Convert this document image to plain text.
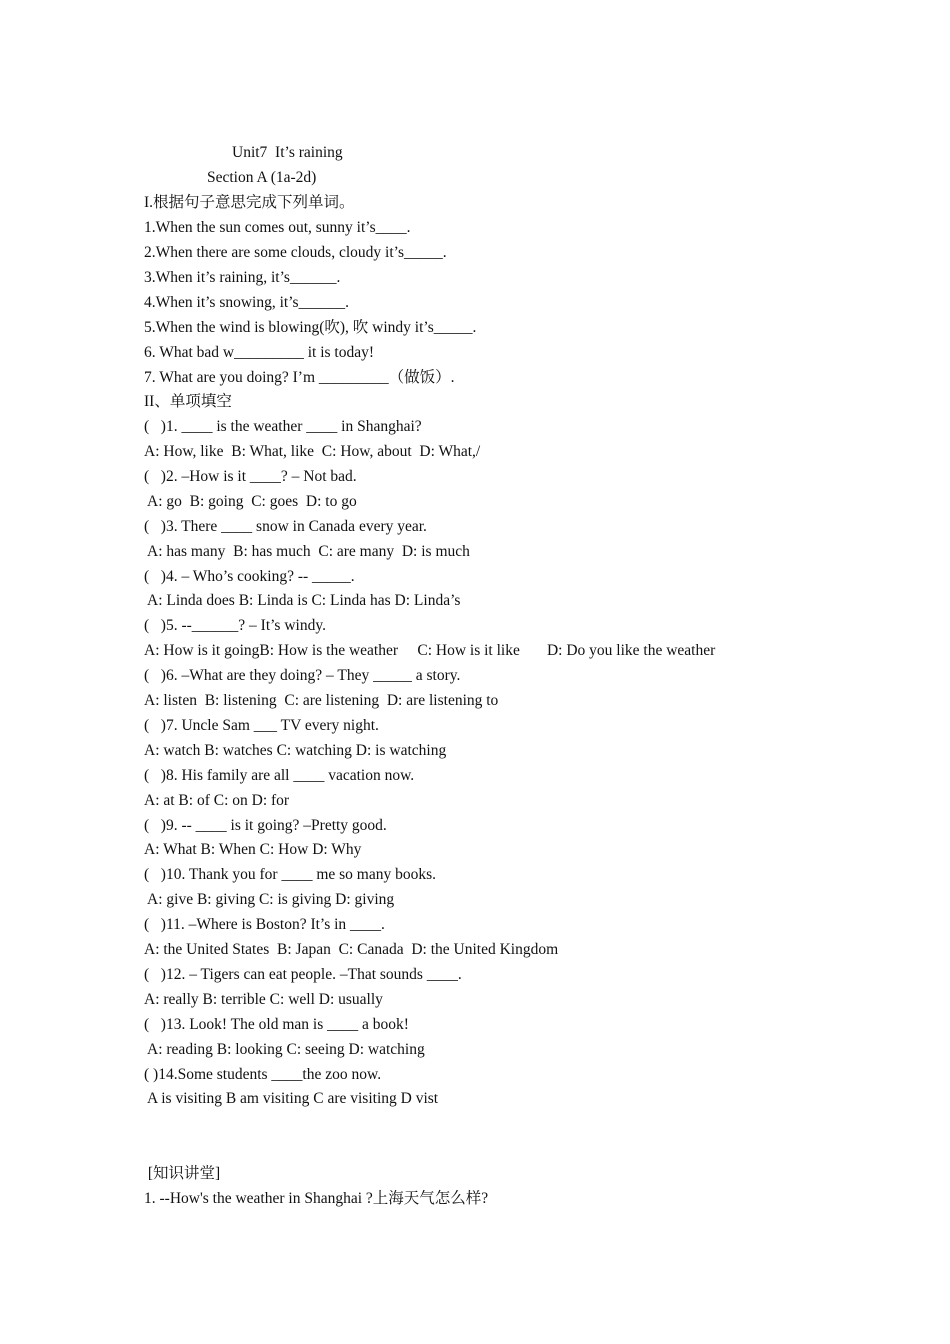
Unit7  It’s raining
Section A (1a-2d)
I.根据句子意思完成下列单词。
1.When the sun comes out, sunny it’s____.
2.When there are some clouds, cloudy it’s_____.
3.When it’s raining, it’s______.
4.When it’s snowing, it’s______.
5.When the wind is blowing(吹), 吹 windy it’s_____.
6. What bad w_________ it is today!
7. What are you doing? I’m _________（做饭）.
II、单项填空
(   )1. ____ is the weather ____ in Shanghai?
A: How, like  B: What, like  C: How, about  D: What,/
(   )2. –How is it ____? – Not bad.
A: go  B: going  C: goes  D: to go
(   )3. There ____ snow in Canada every year.
A: has many  B: has much  C: are many  D: is much
(   )4. – Who’s cooking? -- _____.
A: Linda does B: Linda is C: Linda has D: Linda’s
(   )5. --______? – It’s windy.
A: How is it goingB: How is the weather     C: How is it like       D: Do you like the weather
(   )6. –What are they doing? – They _____ a story.
A: listen  B: listening  C: are listening  D: are listening to
(   )7. Uncle Sam ___ TV every night.
A: watch B: watches C: watching D: is watching
(   )8. His family are all ____ vacation now.
A: at B: of C: on D: for
(   )9. -- ____ is it going? –Pretty good.
A: What B: When C: How D: Why
(   )10. Thank you for ____ me so many books.
A: give B: giving C: is giving D: giving
(   )11. –Where is Boston? It’s in ____.
A: the United States  B: Japan  C: Canada  D: the United Kingdom
(   )12. – Tigers can eat people. –That sounds ____.
A: really B: terrible C: well D: usually
(   )13. Look! The old man is ____ a book!
A: reading B: looking C: seeing D: watching
( )14.Some students ____the zoo now.
A is visiting B am visiting C are visiting D vist
[知识讲堂]
1. --How's the weather in Shanghai ?上海天气怎么样?
